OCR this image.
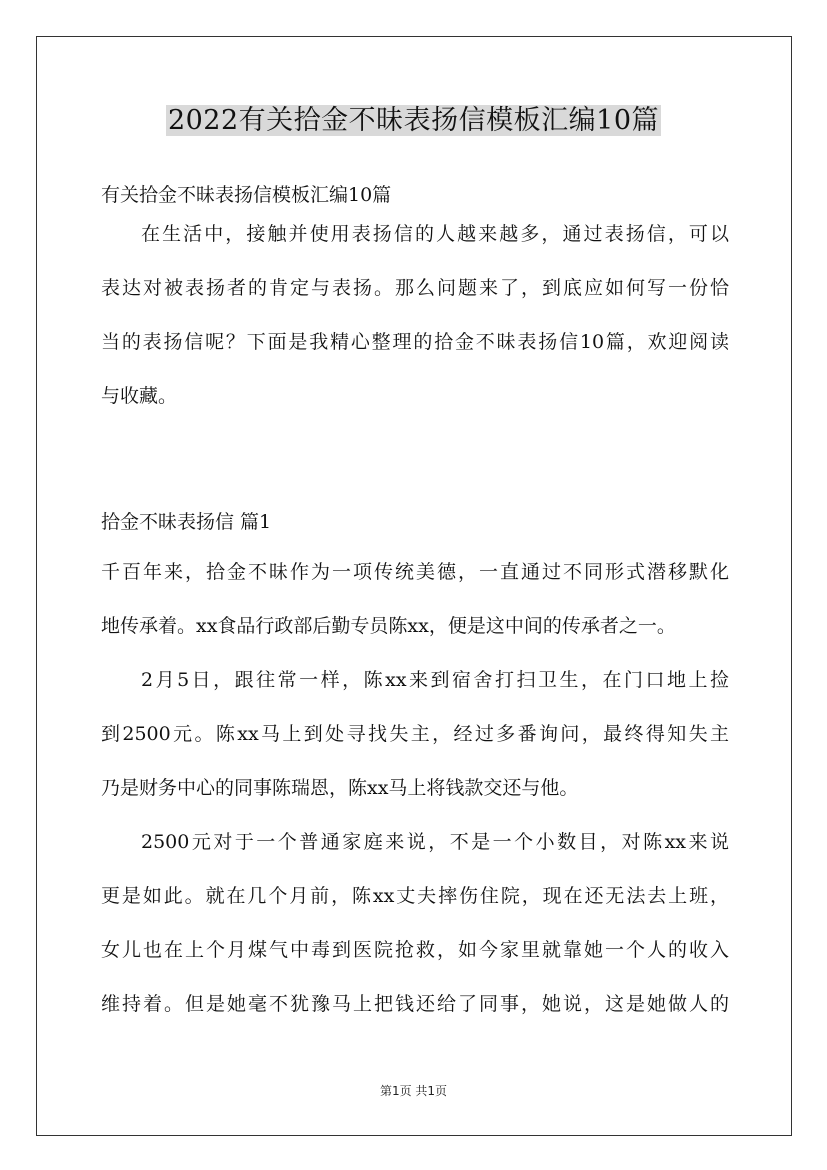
2022有关拾金不昧表扬信模板汇编10篇

有关拾金不昧表扬信模板汇编10篇

在生活中，接触并使用表扬信的人越来越多，通过表扬信，可以
表达对被表扬者的肯定与表扬。那么问题来了，到底应如何写一份恰
当的表扬信呢？下面是我精心整理的拾金不昧表扬信10篇，欢迎阅读
与收藏。

拾金不昧表扬信 篇1

千百年来，拾金不昧作为一项传统美德，一直通过不同形式潜移默化
地传承着。xx食品行政部后勤专员陈xx，便是这中间的传承者之一。
2月5日，跟往常一样，陈xx来到宿舍打扫卫生，在门口地上捡
到2500元。陈xx马上到处寻找失主，经过多番询问，最终得知失主
乃是财务中心的同事陈瑞恩，陈xx马上将钱款交还与他。
2500元对于一个普通家庭来说，不是一个小数目，对陈xx来说
更是如此。就在几个月前，陈xx丈夫摔伤住院，现在还无法去上班，
女儿也在上个月煤气中毒到医院抢救，如今家里就靠她一个人的收入
维持着。但是她毫不犹豫马上把钱还给了同事，她说，这是她做人的
第1页 共1页
